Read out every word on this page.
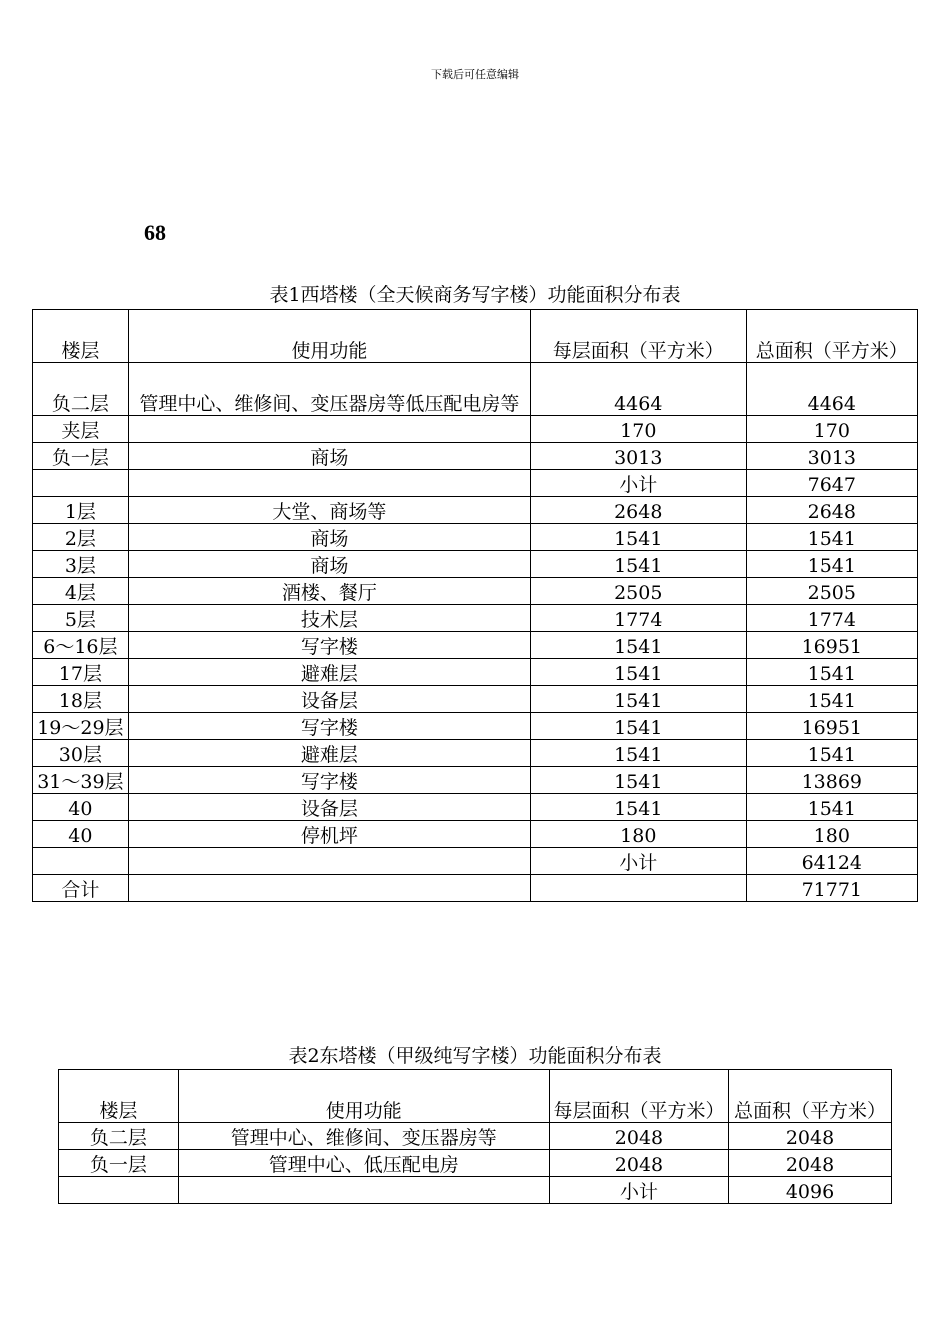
下载后可任意编辑
68
表1西塔楼（全天候商务写字楼）功能面积分布表
楼层	使用功能	每层面积（平方米）	总面积（平方米）
负二层	管理中心、维修间、变压器房等低压配电房等	4464	4464
夹层		170	170
负一层	商场	3013	3013
		小计	7647
1层	大堂、商场等	2648	2648
2层	商场	1541	1541
3层	商场	1541	1541
4层	酒楼、餐厅	2505	2505
5层	技术层	1774	1774
6～16层	写字楼	1541	16951
17层	避难层	1541	1541
18层	设备层	1541	1541
19～29层	写字楼	1541	16951
30层	避难层	1541	1541
31～39层	写字楼	1541	13869
40	设备层	1541	1541
40	停机坪	180	180
		小计	64124
合计			71771
表2东塔楼（甲级纯写字楼）功能面积分布表
楼层	使用功能	每层面积（平方米）	总面积（平方米）
负二层	管理中心、维修间、变压器房等	2048	2048
负一层	管理中心、低压配电房	2048	2048
		小计	4096
